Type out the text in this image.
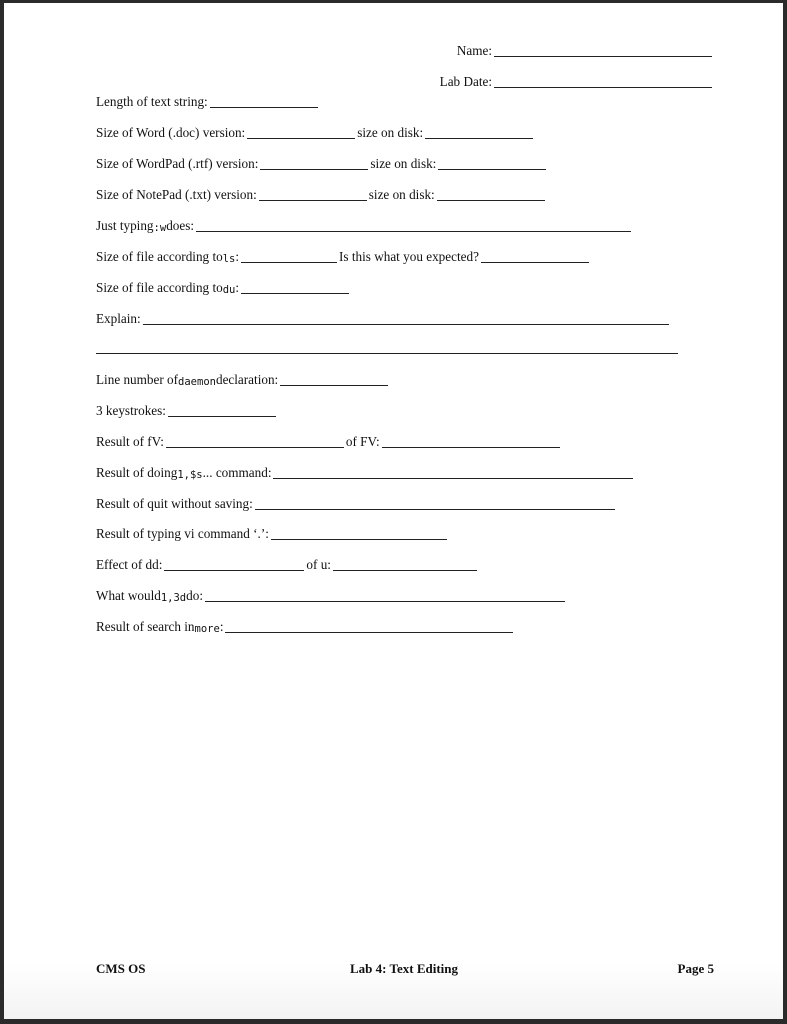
Name:
Lab Date:
Length of text string:
Size of Word (.doc) version:	size on disk:
Size of WordPad (.rtf) version:	size on disk:
Size of NotePad (.txt) version:	size on disk:
Just typing :w does:
Size of file according to ls :	Is this what you expected?
Size of file according to du :
Explain:
Line number of daemon declaration:
3 keystrokes:
Result of fV:	of FV:
Result of doing 1,$s ... command:
Result of quit without saving:
Result of typing vi command ‘.’:
Effect of dd:	of u:
What would 1,3d do:
Result of search in more :
CMS OS	Lab 4: Text Editing	Page 5
